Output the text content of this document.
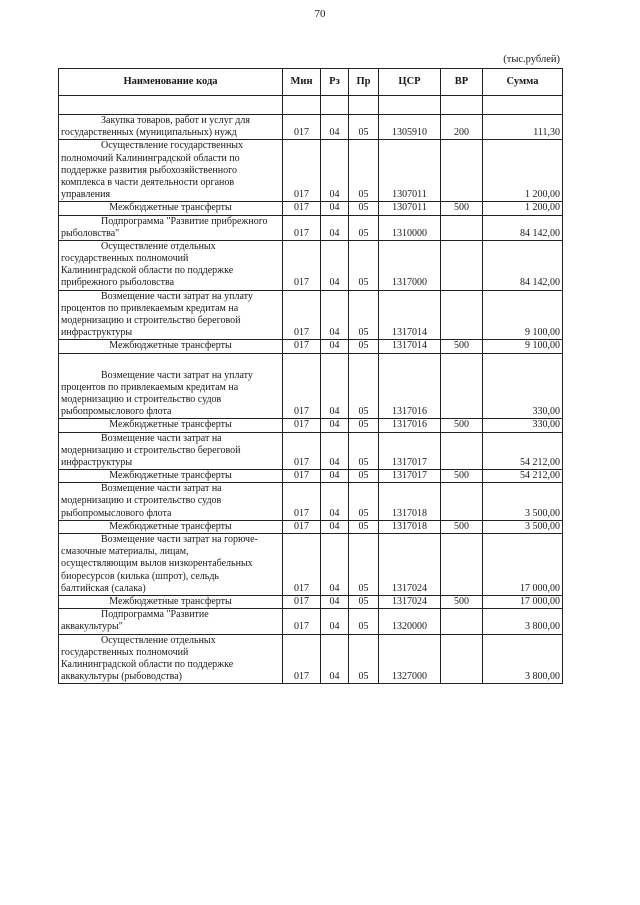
70
(тыс.рублей)
Наименование кода	Мин	Рз	Пр	ЦСР	ВР	Сумма

Закупка товаров, работ и услуг для
государственных (муниципальных) нужд	017	04	05	1305910	200	111,30

Осуществление государственных
полномочий Калининградской области по
поддержке развития рыбохозяйственного
комплекса в части деятельности органов
управления	017	04	05	1307011		1 200,00

Межбюджетные трансферты	017	04	05	1307011	500	1 200,00

Подпрограмма "Развитие прибрежного
рыболовства"	017	04	05	1310000		84 142,00

Осуществление отдельных
государственных полномочий
Калининградской области по поддержке
прибрежного рыболовства	017	04	05	1317000		84 142,00

Возмещение части затрат на уплату
процентов по привлекаемым кредитам на
модернизацию и строительство береговой
инфраструктуры	017	04	05	1317014		9 100,00

Межбюджетные трансферты	017	04	05	1317014	500	9 100,00

Возмещение части затрат на уплату
процентов по привлекаемым кредитам на
модернизацию и строительство судов
рыбопромыслового флота	017	04	05	1317016		330,00

Межбюджетные трансферты	017	04	05	1317016	500	330,00

Возмещение части затрат на
модернизацию и строительство береговой
инфраструктуры	017	04	05	1317017		54 212,00

Межбюджетные трансферты	017	04	05	1317017	500	54 212,00

Возмещение части затрат на
модернизацию и строительство судов
рыбопромыслового флота	017	04	05	1317018		3 500,00

Межбюджетные трансферты	017	04	05	1317018	500	3 500,00

Возмещение части затрат на горюче-
смазочные материалы, лицам,
осуществляющим вылов низкорентабельных
биоресурсов (килька (шпрот), сельдь
балтийская (салака)	017	04	05	1317024		17 000,00

Межбюджетные трансферты	017	04	05	1317024	500	17 000,00

Подпрограмма "Развитие
аквакультуры"	017	04	05	1320000		3 800,00

Осуществление отдельных
государственных полномочий
Калининградской области по поддержке
аквакультуры (рыбоводства)	017	04	05	1327000		3 800,00
